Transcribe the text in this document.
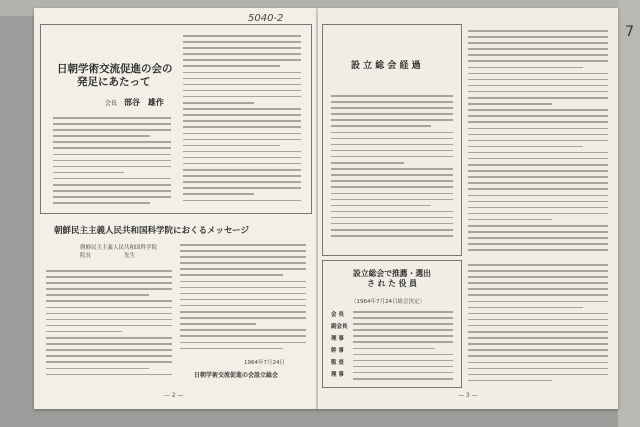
7
5040-2
日朝学術交流促進の会の
発足にあたって
会長 部谷　雄作
朝鮮民主主義人民共和国科学院におくるメッセージ
朝鮮民主主義人民共和国科学院
院長　　　　　　先生
1964年7月24日
日朝学術交流促進の会設立総会
— 2 —
設 立 総 会 経 過
設立総会で推薦・選出
さ れ た 役 員
（1964年7月24日総会決定）
会 長
副会長
理 事
幹 事
監 査
理 事
— 3 —
